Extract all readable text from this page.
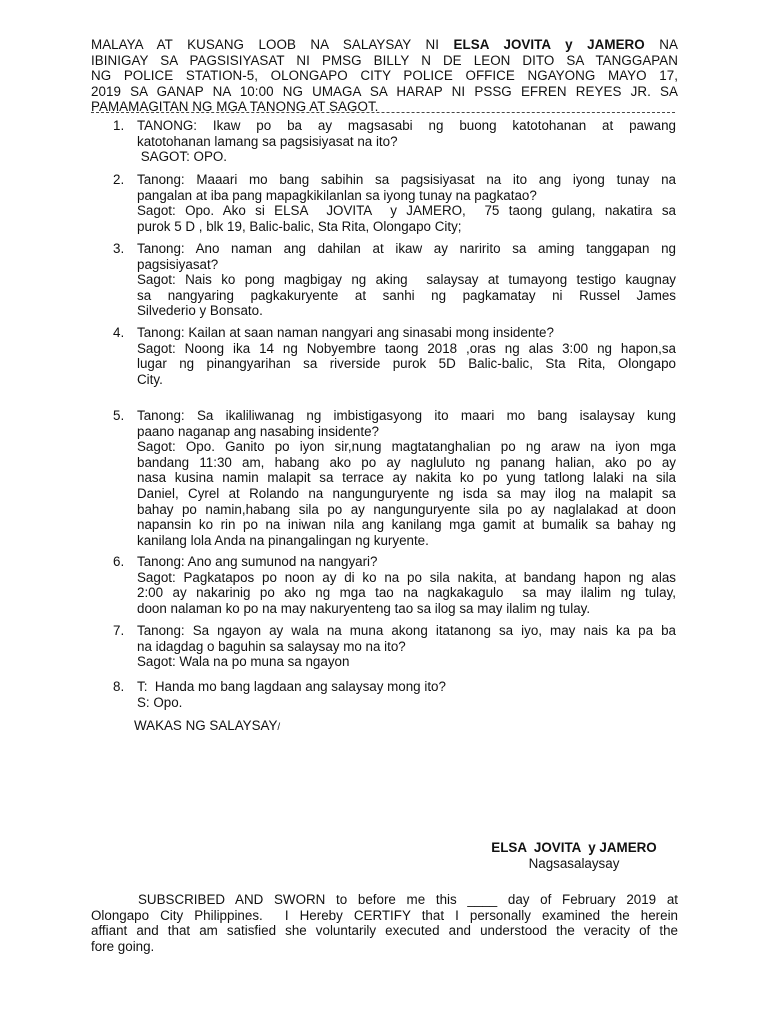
MALAYA AT KUSANG LOOB NA SALAYSAY NI ELSA JOVITA y JAMERO NA
IBINIGAY SA PAGSISIYASAT NI PMSG BILLY N DE LEON DITO SA TANGGAPAN
NG POLICE STATION-5, OLONGAPO CITY POLICE OFFICE NGAYONG MAYO 17,
2019 SA GANAP NA 10:00 NG UMAGA SA HARAP NI PSSG EFREN REYES JR. SA
PAMAMAGITAN NG MGA TANONG AT SAGOT.
1. TANONG: Ikaw po ba ay magsasabi ng buong katotohanan at pawang
katotohanan lamang sa pagsisiyasat na ito?
SAGOT: OPO.
2. Tanong: Maaari mo bang sabihin sa pagsisiyasat na ito ang iyong tunay na
pangalan at iba pang mapagkikilanlan sa iyong tunay na pagkatao?
Sagot: Opo. Ako si ELSA  JOVITA  y JAMERO,  75 taong gulang, nakatira sa
purok 5 D , blk 19, Balic-balic, Sta Rita, Olongapo City;
3. Tanong: Ano naman ang dahilan at ikaw ay naririto sa aming tanggapan ng
pagsisiyasat?
Sagot: Nais ko pong magbigay ng aking  salaysay at tumayong testigo kaugnay
sa nangyaring pagkakuryente at sanhi ng pagkamatay ni Russel James
Silvederio y Bonsato.
4. Tanong: Kailan at saan naman nangyari ang sinasabi mong insidente?
Sagot: Noong ika 14 ng Nobyembre taong 2018 ,oras ng alas 3:00 ng hapon,sa
lugar ng pinangyarihan sa riverside purok 5D Balic-balic, Sta Rita, Olongapo
City.
5. Tanong: Sa ikaliliwanag ng imbistigasyong ito maari mo bang isalaysay kung
paano naganap ang nasabing insidente?
Sagot: Opo. Ganito po iyon sir,nung magtatanghalian po ng araw na iyon mga
bandang 11:30 am, habang ako po ay nagluluto ng panang halian, ako po ay
nasa kusina namin malapit sa terrace ay nakita ko po yung tatlong lalaki na sila
Daniel, Cyrel at Rolando na nangunguryente ng isda sa may ilog na malapit sa
bahay po namin,habang sila po ay nangunguryente sila po ay naglalakad at doon
napansin ko rin po na iniwan nila ang kanilang mga gamit at bumalik sa bahay ng
kanilang lola Anda na pinangalingan ng kuryente.
6. Tanong: Ano ang sumunod na nangyari?
Sagot: Pagkatapos po noon ay di ko na po sila nakita, at bandang hapon ng alas
2:00 ay nakarinig po ako ng mga tao na nagkakagulo  sa may ilalim ng tulay,
doon nalaman ko po na may nakuryenteng tao sa ilog sa may ilalim ng tulay.
7. Tanong: Sa ngayon ay wala na muna akong itatanong sa iyo, may nais ka pa ba
na idagdag o baguhin sa salaysay mo na ito?
Sagot: Wala na po muna sa ngayon
8. T:  Handa mo bang lagdaan ang salaysay mong ito?
S: Opo.
WAKAS NG SALAYSAY/
ELSA  JOVITA  y JAMERO
Nagsasalaysay
SUBSCRIBED AND SWORN to before me this ____ day of February 2019 at
Olongapo City Philippines.  I Hereby CERTIFY that I personally examined the herein
affiant and that am satisfied she voluntarily executed and understood the veracity of the
fore going.
